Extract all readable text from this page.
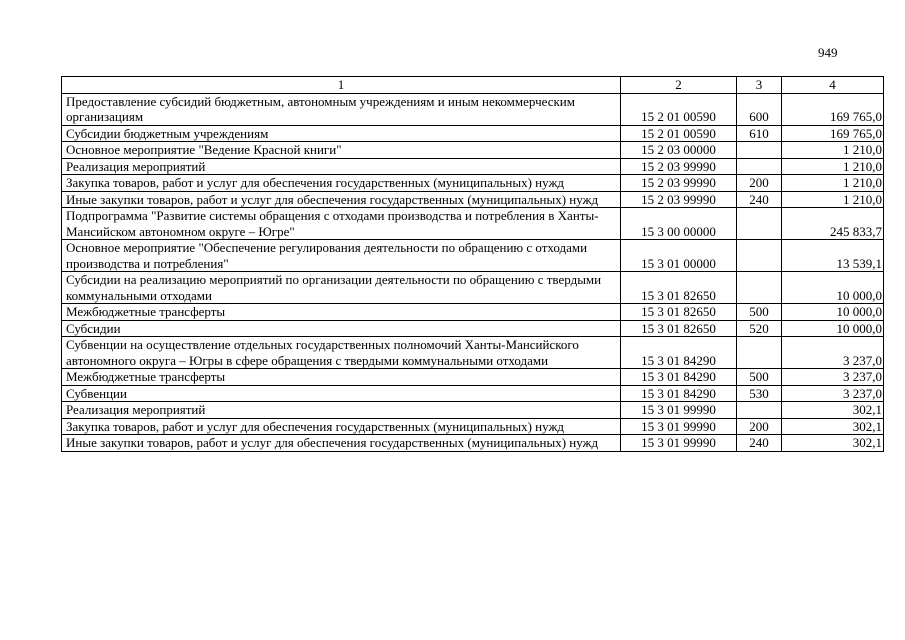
949
1	2	3	4
Предоставление субсидий бюджетным, автономным учреждениям и иным некоммерческим организациям	15 2 01 00590	600	169 765,0
Субсидии бюджетным учреждениям	15 2 01 00590	610	169 765,0
Основное мероприятие "Ведение Красной книги"	15 2 03 00000		1 210,0
Реализация мероприятий	15 2 03 99990		1 210,0
Закупка товаров, работ и услуг для обеспечения государственных (муниципальных) нужд	15 2 03 99990	200	1 210,0
Иные закупки товаров, работ и услуг для обеспечения государственных (муниципальных) нужд	15 2 03 99990	240	1 210,0
Подпрограмма "Развитие системы обращения с отходами производства и потребления в Ханты-Мансийском автономном округе – Югре"	15 3 00 00000		245 833,7
Основное мероприятие "Обеспечение регулирования деятельности по обращению с отходами производства и потребления"	15 3 01 00000		13 539,1
Субсидии на реализацию мероприятий по организации деятельности по обращению с твердыми коммунальными отходами	15 3 01 82650		10 000,0
Межбюджетные трансферты	15 3 01 82650	500	10 000,0
Субсидии	15 3 01 82650	520	10 000,0
Субвенции на осуществление отдельных государственных полномочий Ханты-Мансийского автономного округа – Югры в сфере обращения с твердыми коммунальными отходами	15 3 01 84290		3 237,0
Межбюджетные трансферты	15 3 01 84290	500	3 237,0
Субвенции	15 3 01 84290	530	3 237,0
Реализация мероприятий	15 3 01 99990		302,1
Закупка товаров, работ и услуг для обеспечения государственных (муниципальных) нужд	15 3 01 99990	200	302,1
Иные закупки товаров, работ и услуг для обеспечения государственных (муниципальных) нужд	15 3 01 99990	240	302,1
